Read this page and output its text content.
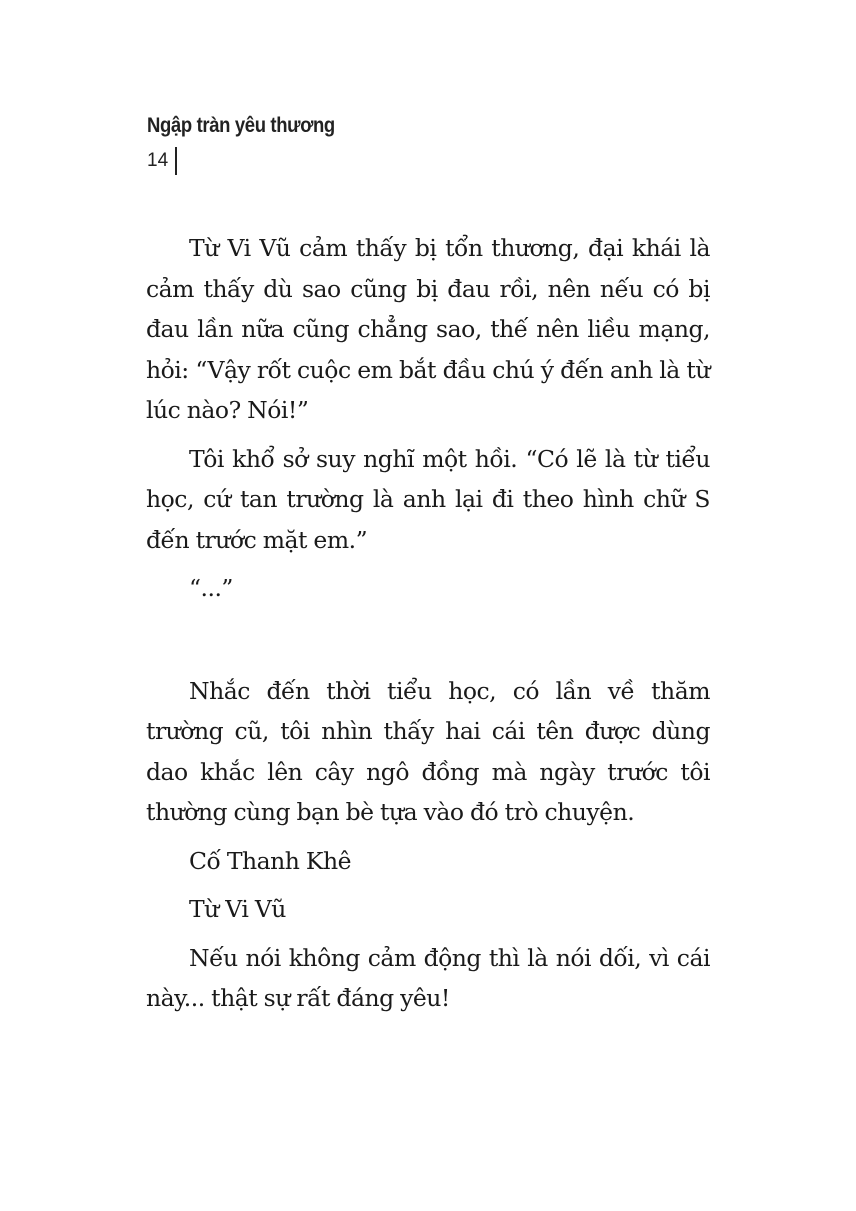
Ngập tràn yêu thương
14

Từ Vi Vũ cảm thấy bị tổn thương, đại khái là cảm thấy dù sao cũng bị đau rồi, nên nếu có bị đau lần nữa cũng chẳng sao, thế nên liều mạng, hỏi: “Vậy rốt cuộc em bắt đầu chú ý đến anh là từ lúc nào? Nói!”

Tôi khổ sở suy nghĩ một hồi. “Có lẽ là từ tiểu học, cứ tan trường là anh lại đi theo hình chữ S đến trước mặt em.”

“...”

Nhắc đến thời tiểu học, có lần về thăm trường cũ, tôi nhìn thấy hai cái tên được dùng dao khắc lên cây ngô đồng mà ngày trước tôi thường cùng bạn bè tựa vào đó trò chuyện.

Cố Thanh Khê

Từ Vi Vũ

Nếu nói không cảm động thì là nói dối, vì cái này... thật sự rất đáng yêu!
